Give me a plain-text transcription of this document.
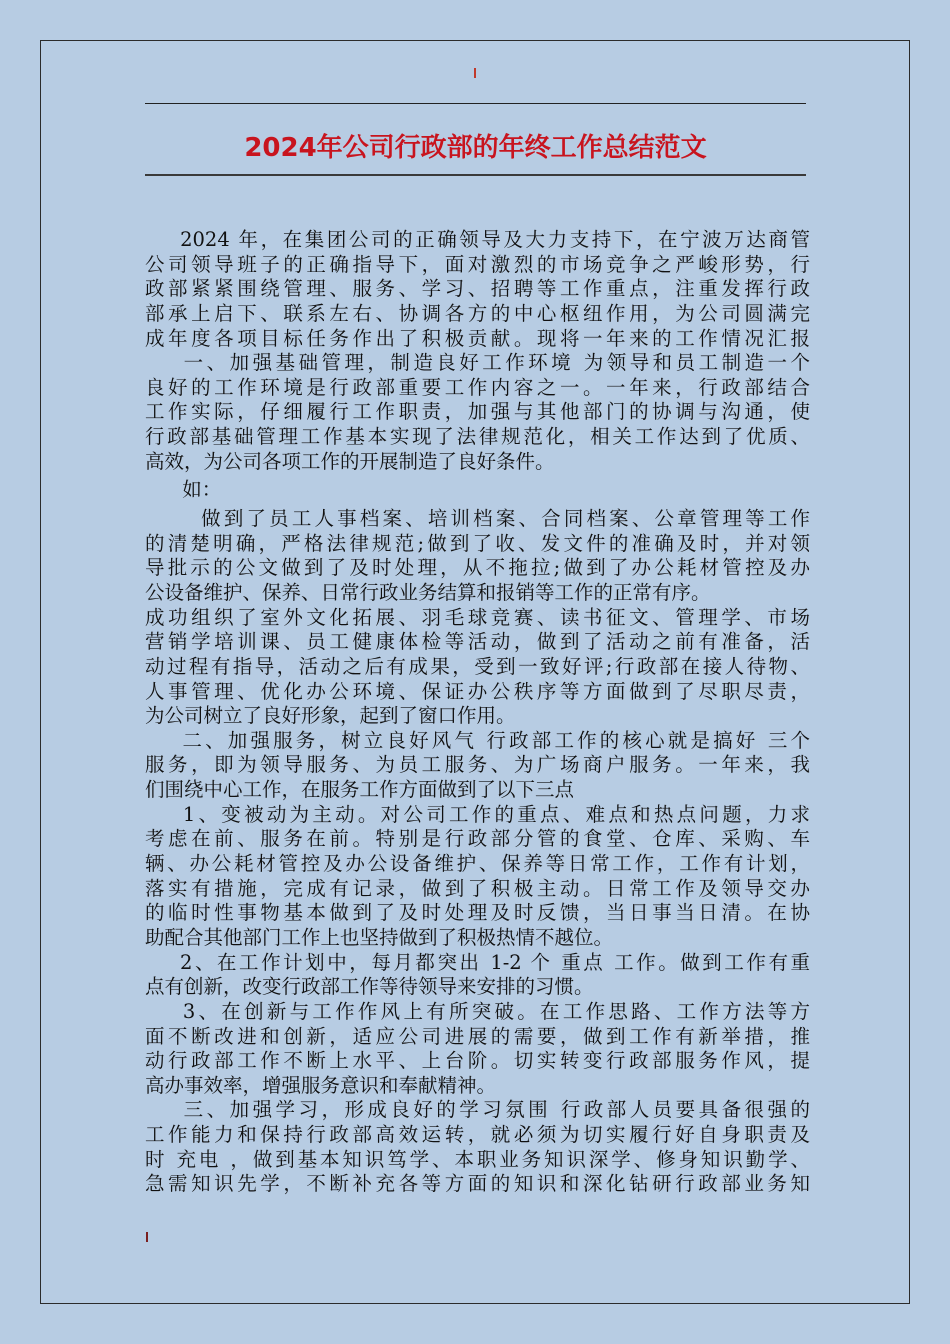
2024年公司行政部的年终工作总结范文
2024 年，在集团公司的正确领导及大力支持下，在宁波万达商管
公司领导班子的正确指导下，面对激烈的市场竞争之严峻形势，行
政部紧紧围绕管理、服务、学习、招聘等工作重点，注重发挥行政
部承上启下、联系左右、协调各方的中心枢纽作用，为公司圆满完
成年度各项目标任务作出了积极贡献。现将一年来的工作情况汇报
一、加强基础管理，制造良好工作环境 为领导和员工制造一个
良好的工作环境是行政部重要工作内容之一。一年来，行政部结合
工作实际，仔细履行工作职责，加强与其他部门的协调与沟通，使
行政部基础管理工作基本实现了法律规范化，相关工作达到了优质、
高效，为公司各项工作的开展制造了良好条件。
如：
做到了员工人事档案、培训档案、合同档案、公章管理等工作
的清楚明确，严格法律规范;做到了收、发文件的准确及时，并对领
导批示的公文做到了及时处理，从不拖拉;做到了办公耗材管控及办
公设备维护、保养、日常行政业务结算和报销等工作的正常有序。
成功组织了室外文化拓展、羽毛球竞赛、读书征文、管理学、市场
营销学培训课、员工健康体检等活动，做到了活动之前有准备，活
动过程有指导，活动之后有成果，受到一致好评;行政部在接人待物、
人事管理、优化办公环境、保证办公秩序等方面做到了尽职尽责，
为公司树立了良好形象，起到了窗口作用。
二、加强服务，树立良好风气 行政部工作的核心就是搞好 三个
服务，即为领导服务、为员工服务、为广场商户服务。一年来，我
们围绕中心工作，在服务工作方面做到了以下三点
1、变被动为主动。对公司工作的重点、难点和热点问题，力求
考虑在前、服务在前。特别是行政部分管的食堂、仓库、采购、车
辆、办公耗材管控及办公设备维护、保养等日常工作，工作有计划，
落实有措施，完成有记录，做到了积极主动。日常工作及领导交办
的临时性事物基本做到了及时处理及时反馈，当日事当日清。在协
助配合其他部门工作上也坚持做到了积极热情不越位。
2、在工作计划中，每月都突出 1-2 个 重点 工作。做到工作有重
点有创新，改变行政部工作等待领导来安排的习惯。
3、在创新与工作作风上有所突破。在工作思路、工作方法等方
面不断改进和创新，适应公司进展的需要，做到工作有新举措，推
动行政部工作不断上水平、上台阶。切实转变行政部服务作风，提
高办事效率，增强服务意识和奉献精神。
三、加强学习，形成良好的学习氛围 行政部人员要具备很强的
工作能力和保持行政部高效运转，就必须为切实履行好自身职责及
时 充电 ，做到基本知识笃学、本职业务知识深学、修身知识勤学、
急需知识先学，不断补充各等方面的知识和深化钻研行政部业务知
